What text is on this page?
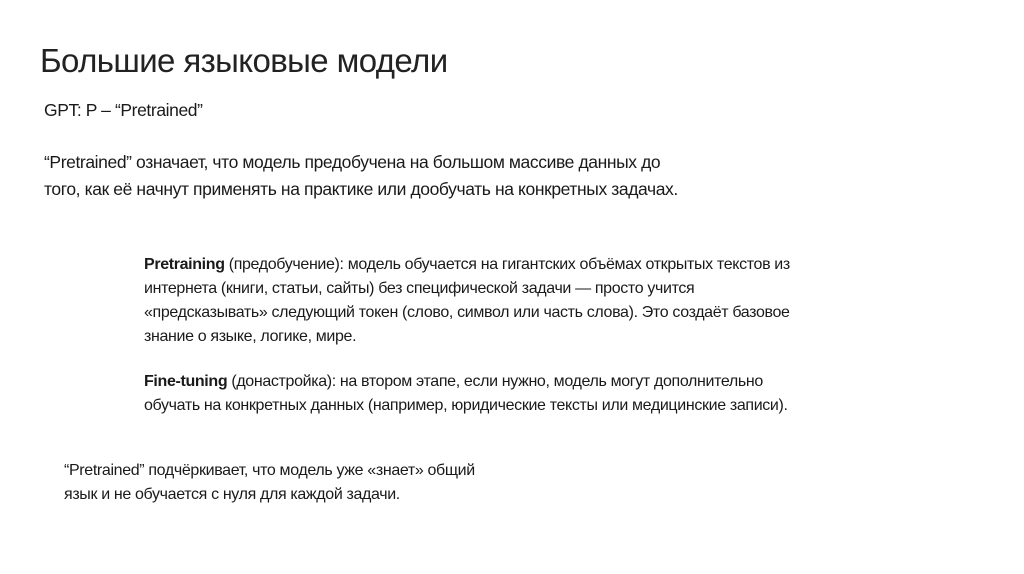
Большие языковые модели
GPT: P – “Pretrained”
“Pretrained” означает, что модель предобучена на большом массиве данных до
того, как её начнут применять на практике или дообучать на конкретных задачах.
Pretraining (предобучение): модель обучается на гигантских объёмах открытых текстов из
интернета (книги, статьи, сайты) без специфической задачи — просто учится
«предсказывать» следующий токен (слово, символ или часть слова). Это создаёт базовое
знание о языке, логике, мире.
Fine-tuning (донастройка): на втором этапе, если нужно, модель могут дополнительно
обучать на конкретных данных (например, юридические тексты или медицинские записи).
“Pretrained” подчёркивает, что модель уже «знает» общий
язык и не обучается с нуля для каждой задачи.
